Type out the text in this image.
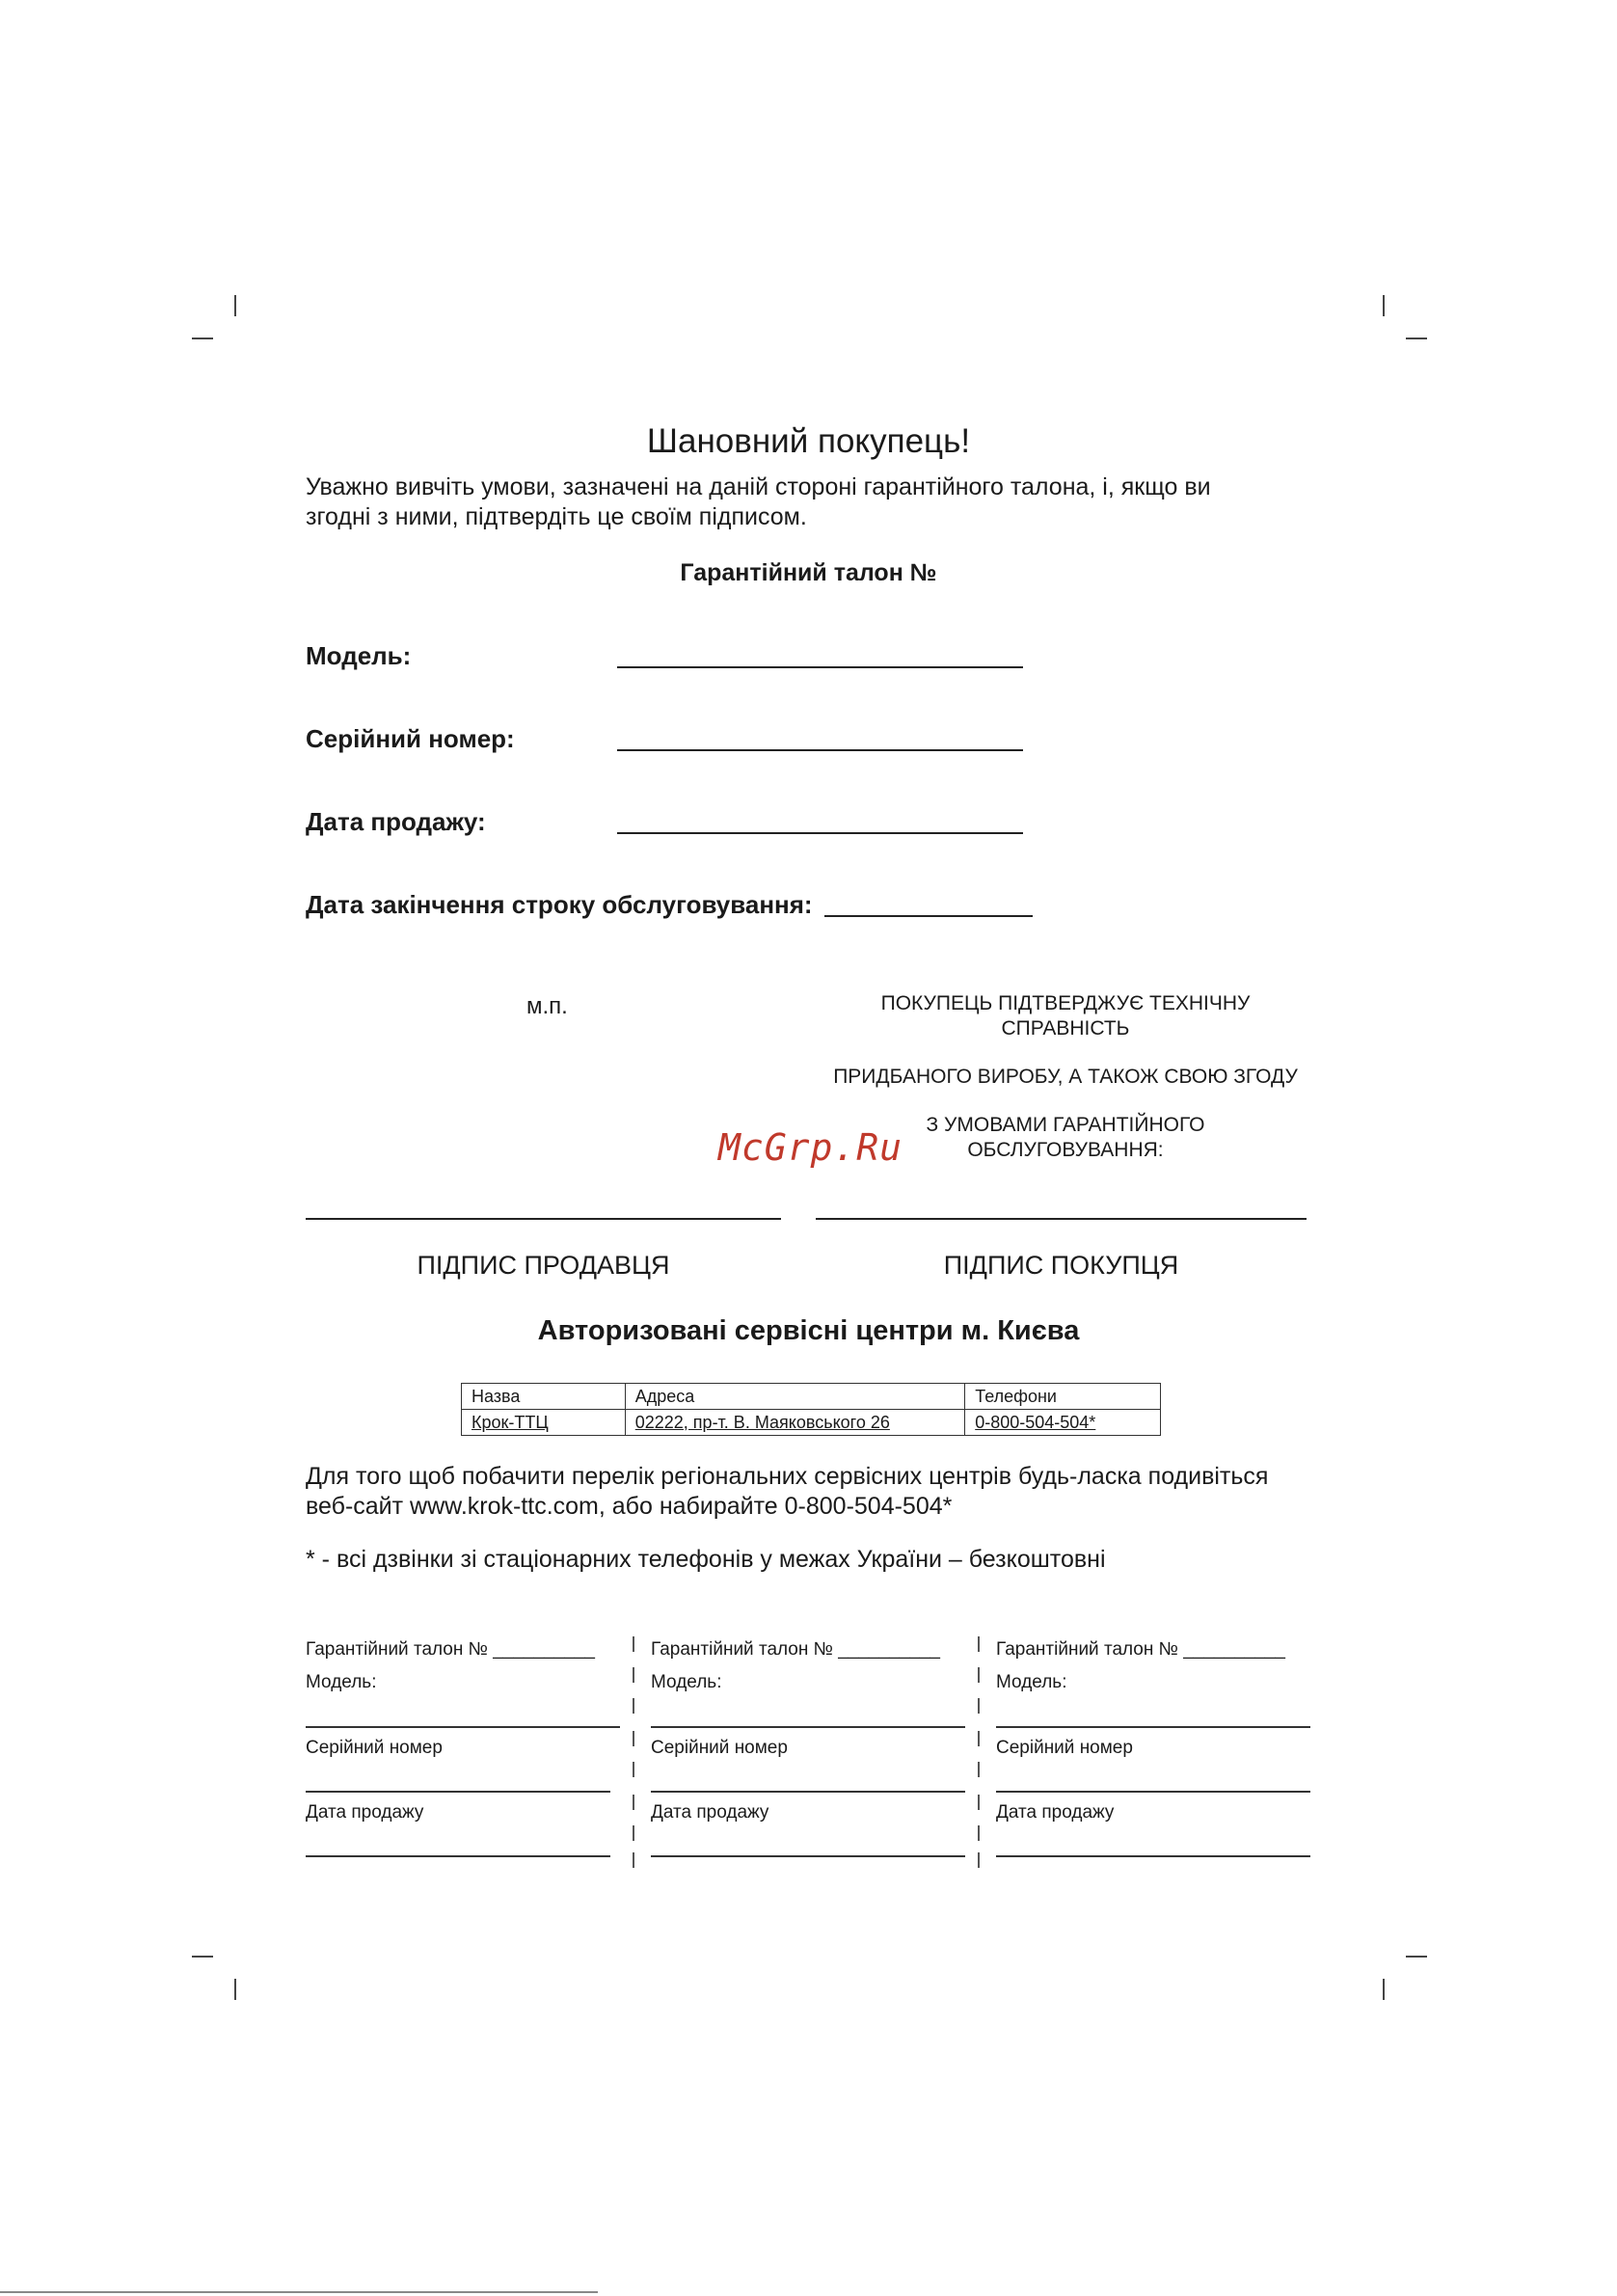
Шановний покупець!
Уважно вивчіть умови, зазначені на даній стороні гарантійного талона, і, якщо ви
згодні з ними, підтвердіть це своїм підписом.
Гарантійний талон №
Модель:
Серійний номер:
Дата продажу:
Дата закінчення строку обслуговування:
м.п.	ПОКУПЕЦЬ ПІДТВЕРДЖУЄ ТЕХНІЧНУ
СПРАВНІСТЬ
ПРИДБАНОГО ВИРОБУ, А ТАКОЖ СВОЮ ЗГОДУ
З УМОВАМИ ГАРАНТІЙНОГО
ОБСЛУГОВУВАННЯ:
McGrp.Ru
ПІДПИС ПРОДАВЦЯ	ПІДПИС ПОКУПЦЯ
Авторизовані сервісні центри м. Києва
Назва	Адреса	Телефони
Крок-ТТЦ	02222, пр-т. В. Маяковського 26	0-800-504-504*
Для того щоб побачити перелік регіональних сервісних центрів будь-ласка подивіться
веб-сайт www.krok-ttc.com, або набирайте 0-800-504-504*
* - всі дзвінки зі стаціонарних телефонів у межах України – безкоштовні
Гарантійний талон № __________
Модель:
Серійний номер
Дата продажу
Гарантійний талон № __________
Модель:
Серійний номер
Дата продажу
Гарантійний талон № __________
Модель:
Серійний номер
Дата продажу
